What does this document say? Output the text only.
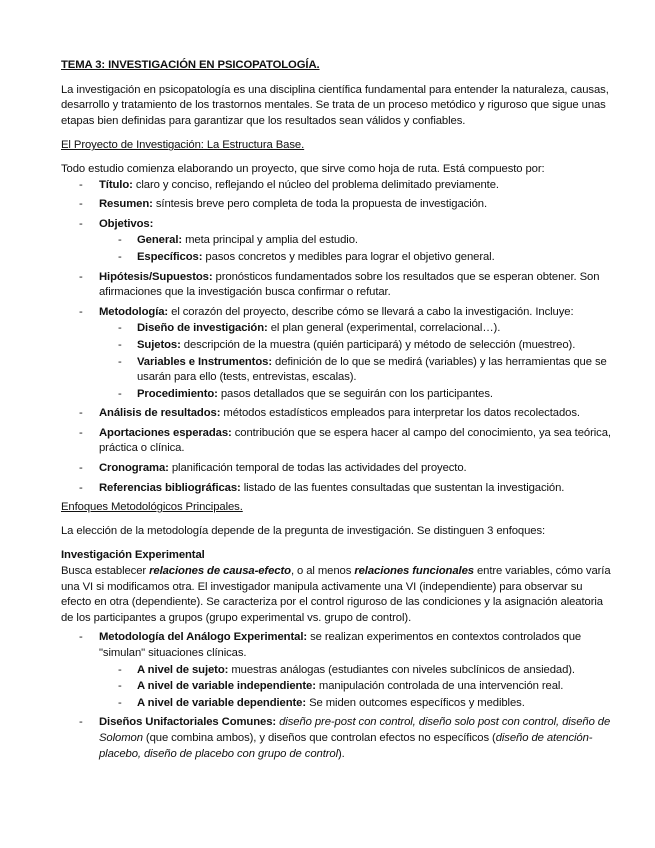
TEMA 3: INVESTIGACIÓN EN PSICOPATOLOGÍA.
La investigación en psicopatología es una disciplina científica fundamental para entender la naturaleza, causas, desarrollo y tratamiento de los trastornos mentales. Se trata de un proceso metódico y riguroso que sigue unas etapas bien definidas para garantizar que los resultados sean válidos y confiables.
El Proyecto de Investigación: La Estructura Base.
Todo estudio comienza elaborando un proyecto, que sirve como hoja de ruta. Está compuesto por:
- Título: claro y conciso, reflejando el núcleo del problema delimitado previamente.
- Resumen: síntesis breve pero completa de toda la propuesta de investigación.
- Objetivos:
- General: meta principal y amplia del estudio.
- Específicos: pasos concretos y medibles para lograr el objetivo general.
- Hipótesis/Supuestos: pronósticos fundamentados sobre los resultados que se esperan obtener. Son afirmaciones que la investigación busca confirmar o refutar.
- Metodología: el corazón del proyecto, describe cómo se llevará a cabo la investigación. Incluye:
- Diseño de investigación: el plan general (experimental, correlacional…).
- Sujetos: descripción de la muestra (quién participará) y método de selección (muestreo).
- Variables e Instrumentos: definición de lo que se medirá (variables) y las herramientas que se usarán para ello (tests, entrevistas, escalas).
- Procedimiento: pasos detallados que se seguirán con los participantes.
- Análisis de resultados: métodos estadísticos empleados para interpretar los datos recolectados.
- Aportaciones esperadas: contribución que se espera hacer al campo del conocimiento, ya sea teórica, práctica o clínica.
- Cronograma: planificación temporal de todas las actividades del proyecto.
- Referencias bibliográficas: listado de las fuentes consultadas que sustentan la investigación.
Enfoques Metodológicos Principales.
La elección de la metodología depende de la pregunta de investigación. Se distinguen 3 enfoques:
Investigación Experimental
Busca establecer relaciones de causa-efecto, o al menos relaciones funcionales entre variables, cómo varía una VI si modificamos otra. El investigador manipula activamente una VI (independiente) para observar su efecto en otra (dependiente). Se caracteriza por el control riguroso de las condiciones y la asignación aleatoria de los participantes a grupos (grupo experimental vs. grupo de control).
- Metodología del Análogo Experimental: se realizan experimentos en contextos controlados que "simulan" situaciones clínicas.
- A nivel de sujeto: muestras análogas (estudiantes con niveles subclínicos de ansiedad).
- A nivel de variable independiente: manipulación controlada de una intervención real.
- A nivel de variable dependiente: Se miden outcomes específicos y medibles.
- Diseños Unifactoriales Comunes: diseño pre-post con control, diseño solo post con control, diseño de Solomon (que combina ambos), y diseños que controlan efectos no específicos (diseño de atención-placebo, diseño de placebo con grupo de control).
